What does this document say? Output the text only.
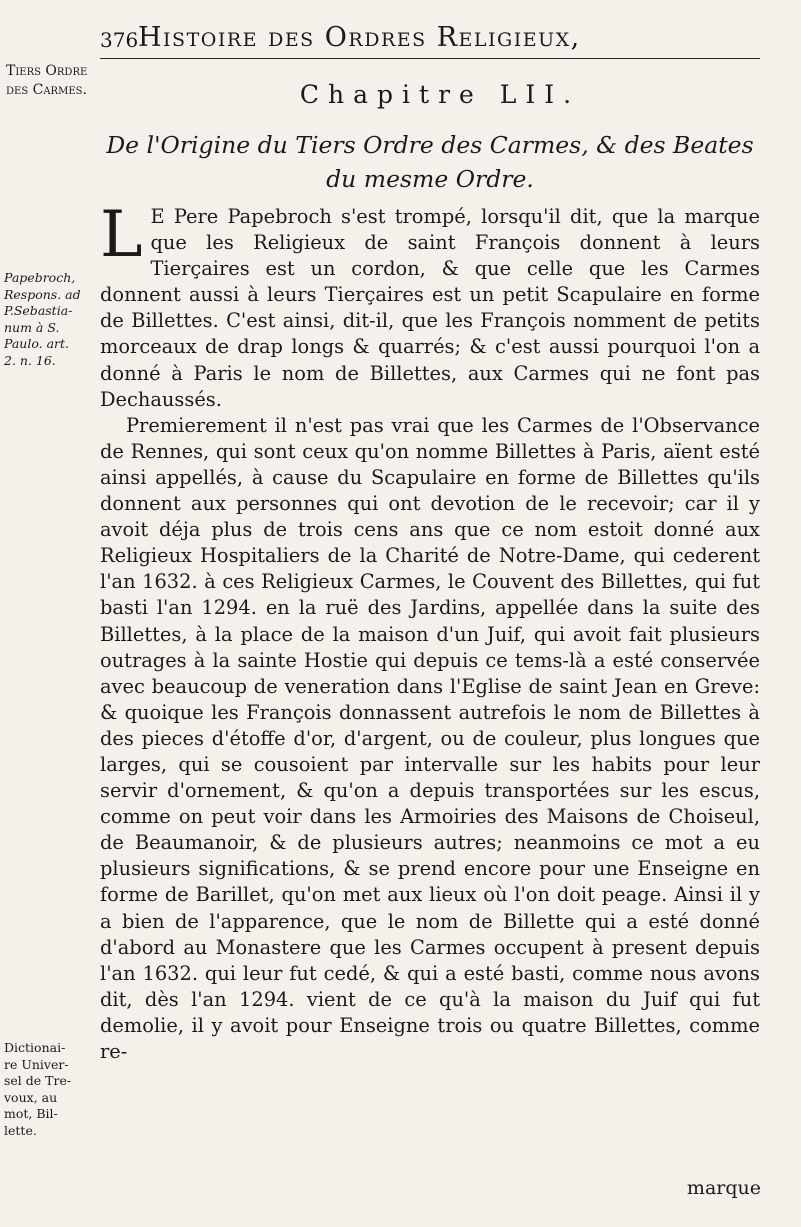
376 Histoire des Ordres Religieux,
Tiers Ordre des Carmes.
Papebroch,
Respons. ad
P.Sebastia-
num à S.
Paulo. art.
2. n. 16.
Dictionai-
re Univer-
sel de Tre-
voux, au
mot, Bil-
lette.
Chapitre LII.
De l'Origine du Tiers Ordre des Carmes, & des Beates du mesme Ordre.

L E Pere Papebroch s'est trompé, lorsqu'il dit, que la marque que les Religieux de saint François donnent à leurs Tierçaires est un cordon, & que celle que les Carmes donnent aussi à leurs Tierçaires est un petit Scapulaire en forme de Billettes. C'est ainsi, dit-il, que les François nomment de petits morceaux de drap longs & quarrés; & c'est aussi pourquoi l'on a donné à Paris le nom de Billettes, aux Carmes qui ne font pas Dechaussés.

Premierement il n'est pas vrai que les Carmes de l'Observance de Rennes, qui sont ceux qu'on nomme Billettes à Paris, aïent esté ainsi appellés, à cause du Scapulaire en forme de Billettes qu'ils donnent aux personnes qui ont devotion de le recevoir; car il y avoit déja plus de trois cens ans que ce nom estoit donné aux Religieux Hospitaliers de la Charité de Notre-Dame, qui cederent l'an 1632. à ces Religieux Carmes, le Couvent des Billettes, qui fut basti l'an 1294. en la ruë des Jardins, appellée dans la suite des Billettes, à la place de la maison d'un Juif, qui avoit fait plusieurs outrages à la sainte Hostie qui depuis ce tems-là a esté conservée avec beaucoup de veneration dans l'Eglise de saint Jean en Greve: & quoique les François donnassent autrefois le nom de Billettes à des pieces d'étoffe d'or, d'argent, ou de couleur, plus longues que larges, qui se cousoient par intervalle sur les habits pour leur servir d'ornement, & qu'on a depuis transportées sur les escus, comme on peut voir dans les Armoiries des Maisons de Choiseul, de Beaumanoir, & de plusieurs autres; neanmoins ce mot a eu plusieurs significations, & se prend encore pour une Enseigne en forme de Barillet, qu'on met aux lieux où l'on doit peage. Ainsi il y a bien de l'apparence, que le nom de Billette qui a esté donné d'abord au Monastere que les Carmes occupent à present depuis l'an 1632. qui leur fut cedé, & qui a esté basti, comme nous avons dit, dès l'an 1294. vient de ce qu'à la maison du Juif qui fut demolie, il y avoit pour Enseigne trois ou quatre Billettes, comme re-

marque
